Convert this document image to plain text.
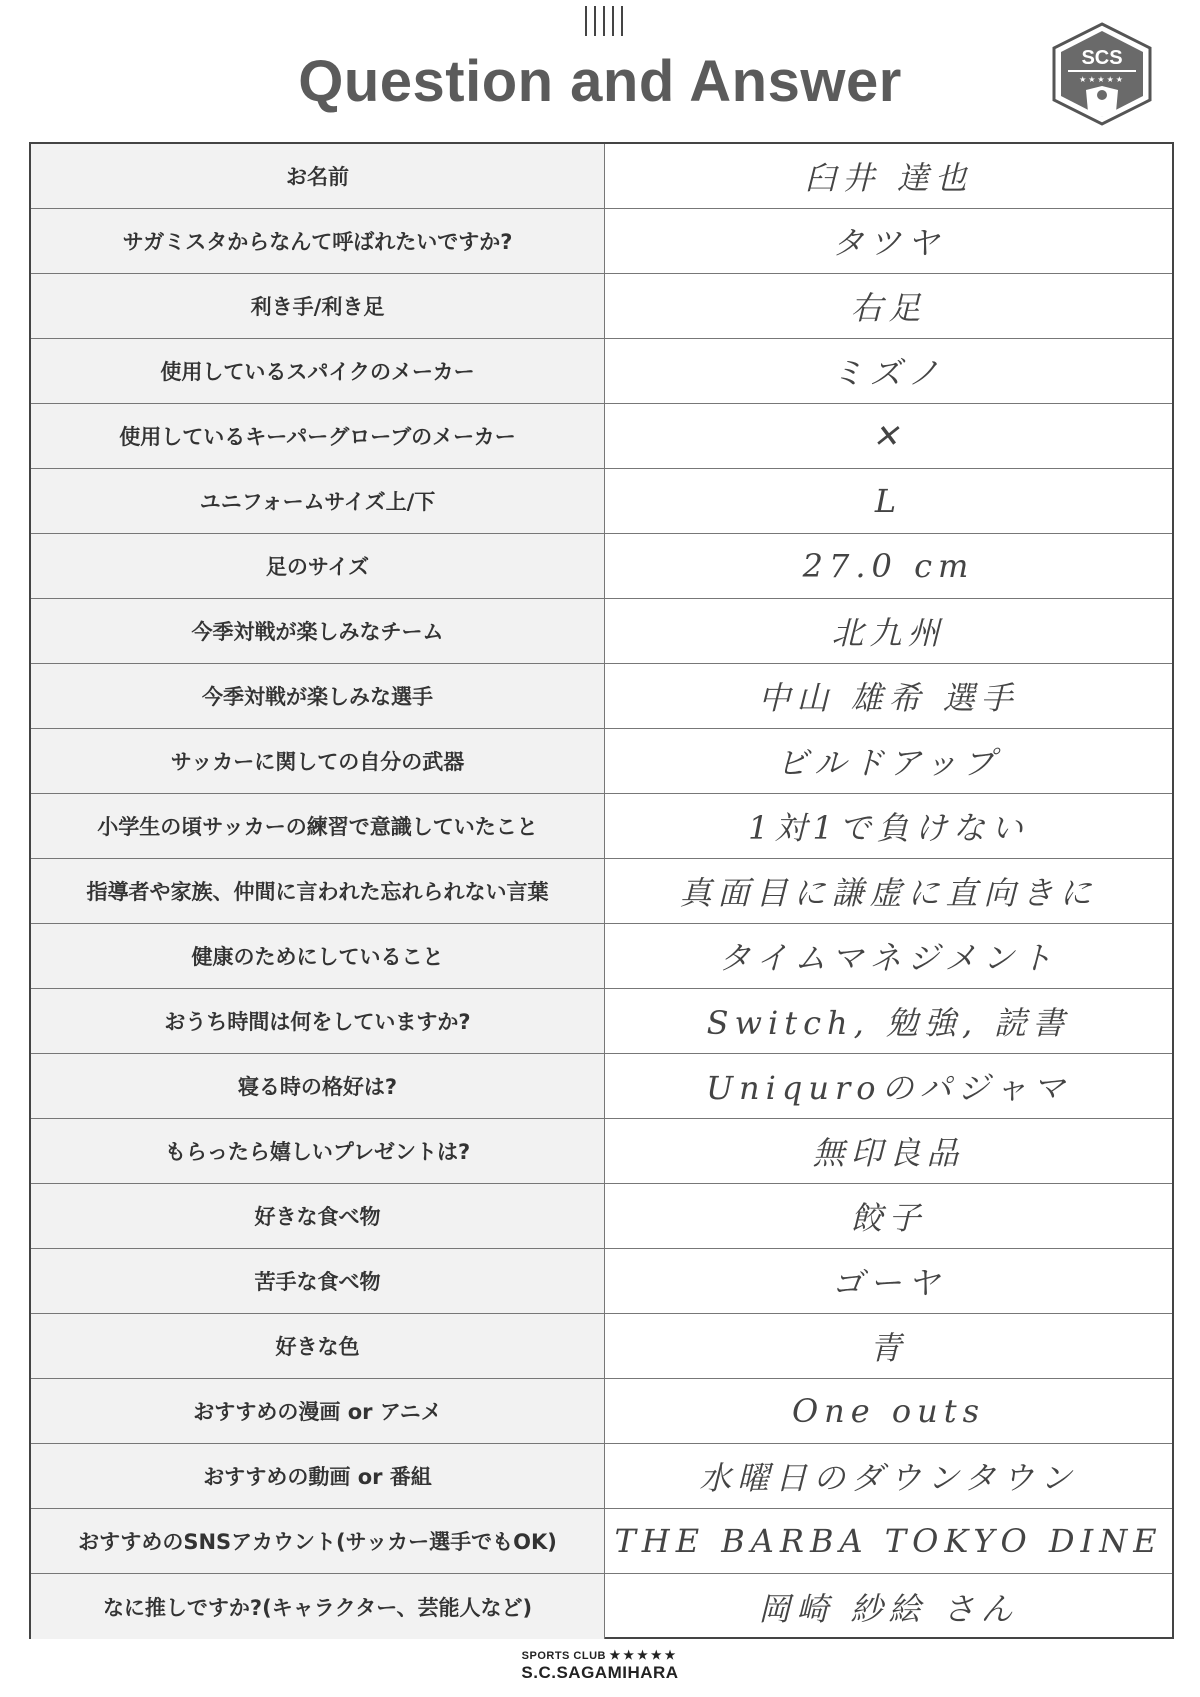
Question and Answer	SCS
★★★★★
お名前	臼井 達也
サガミスタからなんて呼ばれたいですか?	タツヤ
利き手/利き足	右足
使用しているスパイクのメーカー	ミズノ
使用しているキーパーグローブのメーカー	✕
ユニフォームサイズ上/下	L
足のサイズ	27.0 cm
今季対戦が楽しみなチーム	北九州
今季対戦が楽しみな選手	中山 雄希 選手
サッカーに関しての自分の武器	ビルドアップ
小学生の頃サッカーの練習で意識していたこと	1対1で負けない
指導者や家族、仲間に言われた忘れられない言葉	真面目に謙虚に直向きに
健康のためにしていること	タイムマネジメント
おうち時間は何をしていますか?	Switch, 勉強, 読書
寝る時の格好は?	Uniquroのパジャマ
もらったら嬉しいプレゼントは?	無印良品
好きな食べ物	餃子
苦手な食べ物	ゴーヤ
好きな色	青
おすすめの漫画 or アニメ	One outs
おすすめの動画 or 番組	水曜日のダウンタウン
おすすめのSNSアカウント(サッカー選手でもOK)	THE BARBA TOKYO DINE
なに推しですか?(キャラクター、芸能人など)	岡崎 紗絵 さん
SPORTS CLUB ★★★★★
S.C.SAGAMIHARA
